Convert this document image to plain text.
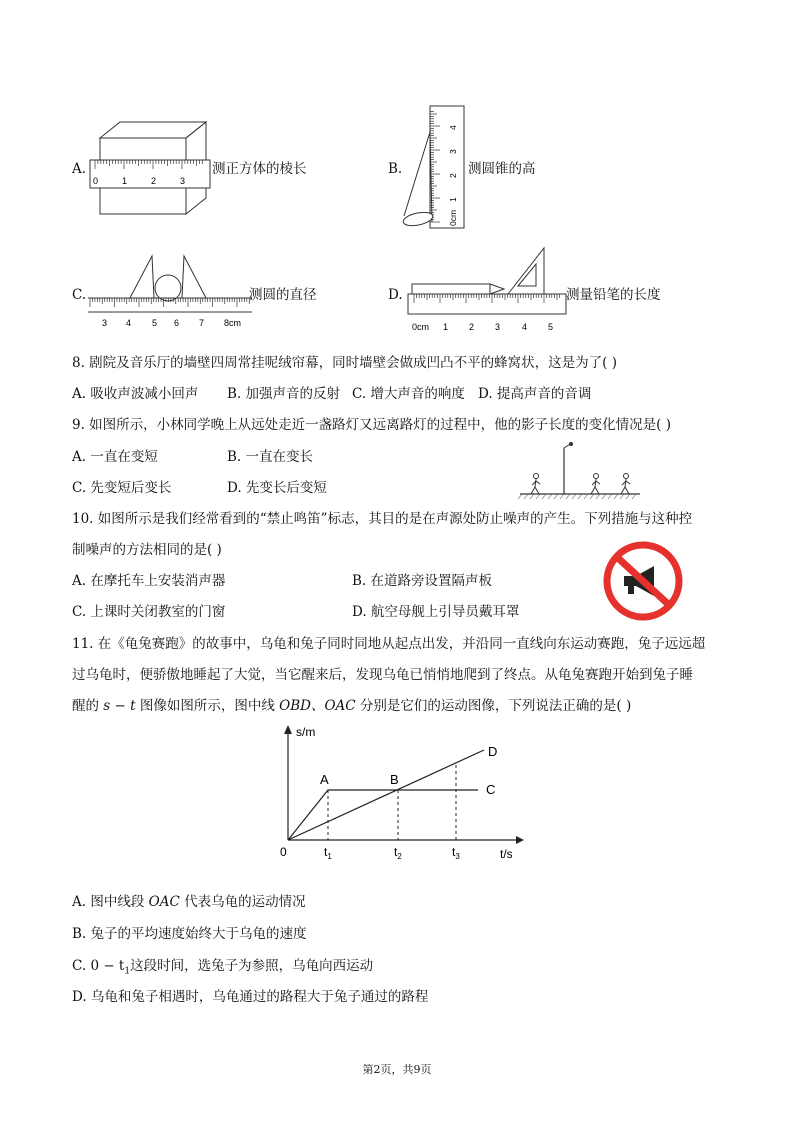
A.
0	1	2	3
测正方体的棱长	B.
0cm
1
2
3
4
测圆锥的高
C.
3 4 5 6 7 8cm
测圆的直径	D.
0cm 1 2 3 4 5
测量铅笔的长度
8. 剧院及音乐厅的墙壁四周常挂呢绒帘幕，同时墙壁会做成凹凸不平的蜂窝状，这是为了( )
A. 吸收声波减小回声 B. 加强声音的反射 C. 增大声音的响度 D. 提高声音的音调
9. 如图所示，小林同学晚上从远处走近一盏路灯又远离路灯的过程中，他的影子长度的变化情况是( )
A. 一直在变短	B. 一直在变长
C. 先变短后变长	D. 先变长后变短
10. 如图所示是我们经常看到的“禁止鸣笛”标志，其目的是在声源处防止噪声的产生。下列措施与这种控
制噪声的方法相同的是( )
A. 在摩托车上安装消声器	B. 在道路旁设置隔声板
C. 上课时关闭教室的门窗	D. 航空母舰上引导员戴耳罩
11. 在《龟兔赛跑》的故事中，乌龟和兔子同时同地从起点出发，并沿同一直线向东运动赛跑，兔子远远超
过乌龟时，便骄傲地睡起了大觉，当它醒来后，发现乌龟已悄悄地爬到了终点。从龟兔赛跑开始到兔子睡
醒的 s − t 图像如图所示，图中线 OBD、OAC 分别是它们的运动图像，下列说法正确的是( )
s/m
t/s
0
A	B
C
D
$t_1$	$t_2$	$t_3$
A. 图中线段 OAC 代表乌龟的运动情况
B. 兔子的平均速度始终大于乌龟的速度
C. $0 - t_1$这段时间，选兔子为参照，乌龟向西运动
D. 乌龟和兔子相遇时，乌龟通过的路程大于兔子通过的路程
第2页，共9页
